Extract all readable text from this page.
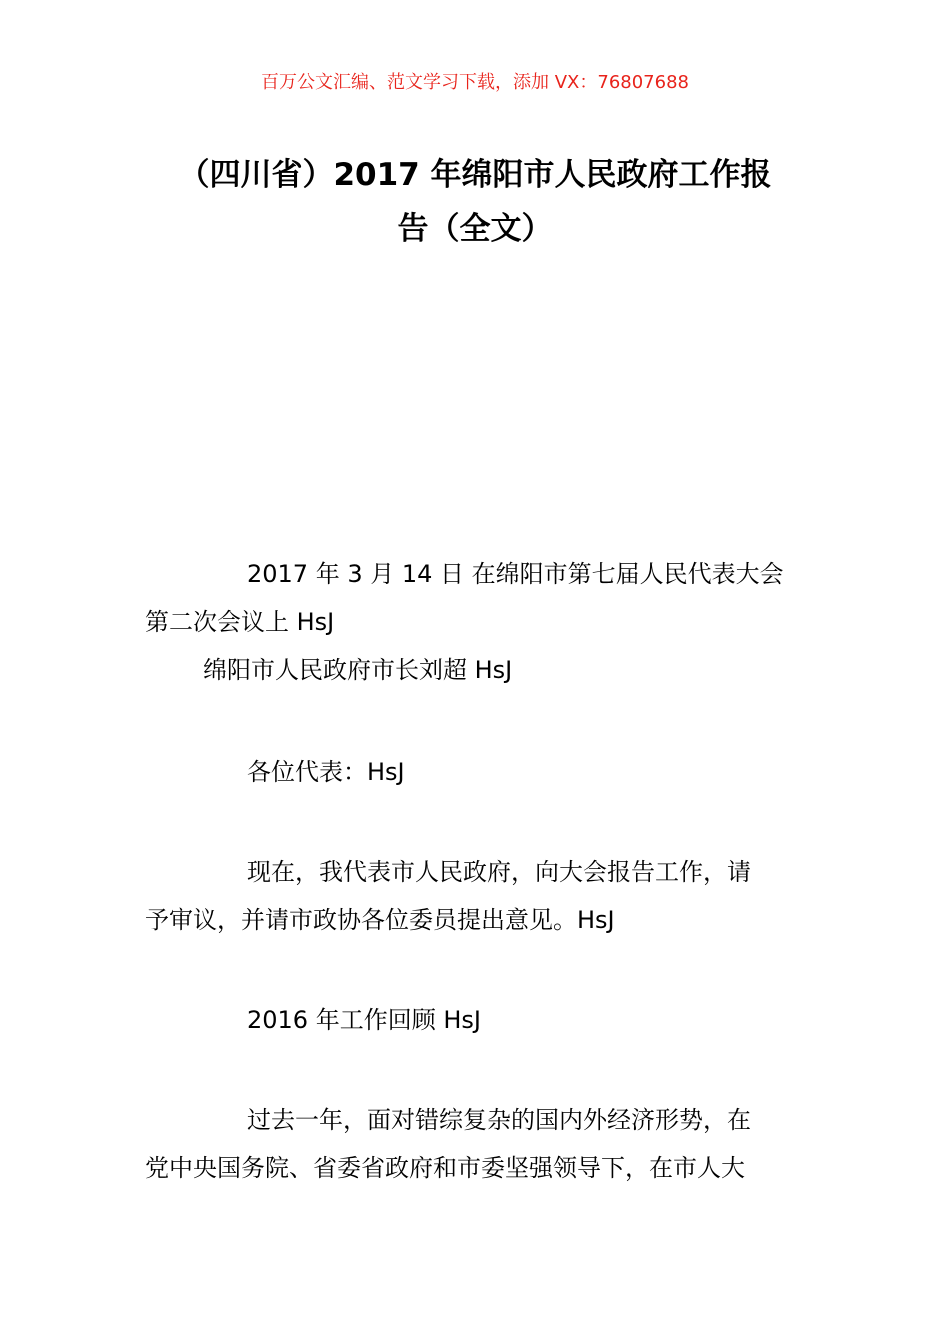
百万公文汇编、范文学习下载，添加 VX：76807688
（四川省）2017 年绵阳市人民政府工作报
告（全文）
2017 年 3 月 14 日 在绵阳市第七届人民代表大会
第二次会议上 HsJ
绵阳市人民政府市长刘超 HsJ
各位代表：HsJ
现在，我代表市人民政府，向大会报告工作，请
予审议，并请市政协各位委员提出意见。HsJ
2016 年工作回顾 HsJ
过去一年，面对错综复杂的国内外经济形势，在
党中央国务院、省委省政府和市委坚强领导下，在市人大
